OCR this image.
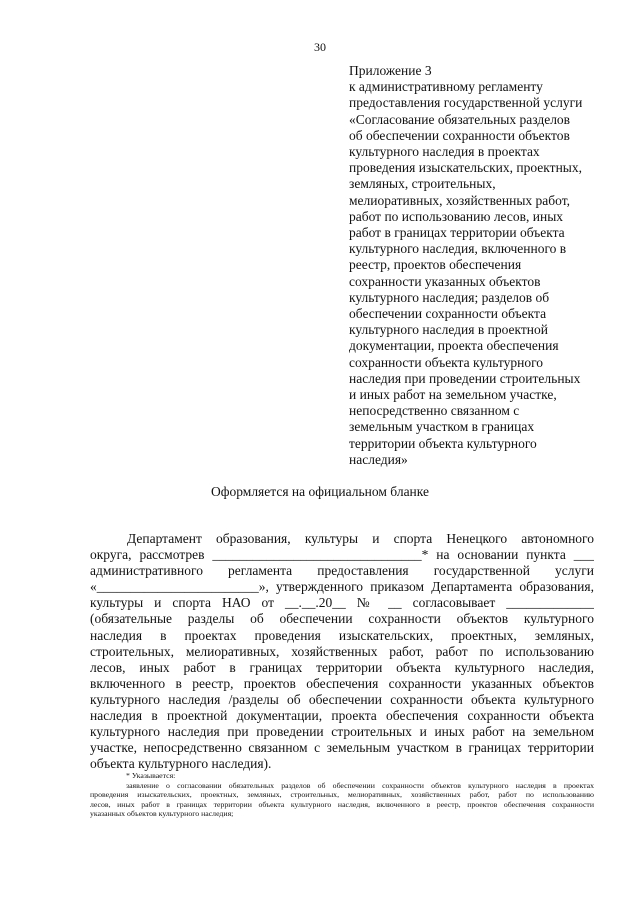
30
Приложение 3
к административному регламенту
предоставления государственной услуги
«Согласование обязательных разделов
об обеспечении сохранности объектов
культурного наследия в проектах
проведения изыскательских, проектных,
земляных, строительных,
мелиоративных, хозяйственных работ,
работ по использованию лесов, иных
работ в границах территории объекта
культурного наследия, включенного в
реестр, проектов обеспечения
сохранности указанных объектов
культурного наследия; разделов об
обеспечении сохранности объекта
культурного наследия в проектной
документации, проекта обеспечения
сохранности объекта культурного
наследия при проведении строительных
и иных работ на земельном участке,
непосредственно связанном с
земельным участком в границах
территории объекта культурного
наследия»
Оформляется на официальном бланке
Департамент образования, культуры и спорта Ненецкого автономного
округа, рассмотрев _______________________________* на основании пункта ___
административного регламента предоставления государственной услуги
«________________________», утвержденного приказом Департамента образования,
культуры и спорта НАО от __.__.20__ № __ согласовывает _____________
(обязательные разделы об обеспечении сохранности объектов культурного
наследия в проектах проведения изыскательских, проектных, земляных,
строительных, мелиоративных, хозяйственных работ, работ по использованию
лесов, иных работ в границах территории объекта культурного наследия,
включенного в реестр, проектов обеспечения сохранности указанных объектов
культурного наследия /разделы об обеспечении сохранности объекта культурного
наследия в проектной документации, проекта обеспечения сохранности объекта
культурного наследия при проведении строительных и иных работ на земельном
участке, непосредственно связанном с земельным участком в границах территории
объекта культурного наследия).
* Указывается:
заявление о согласовании обязательных разделов об обеспечении сохранности объектов культурного наследия в проектах
проведения изыскательских, проектных, земляных, строительных, мелиоративных, хозяйственных работ, работ по использованию
лесов, иных работ в границах территории объекта культурного наследия, включенного в реестр, проектов обеспечения сохранности
указанных объектов культурного наследия;
